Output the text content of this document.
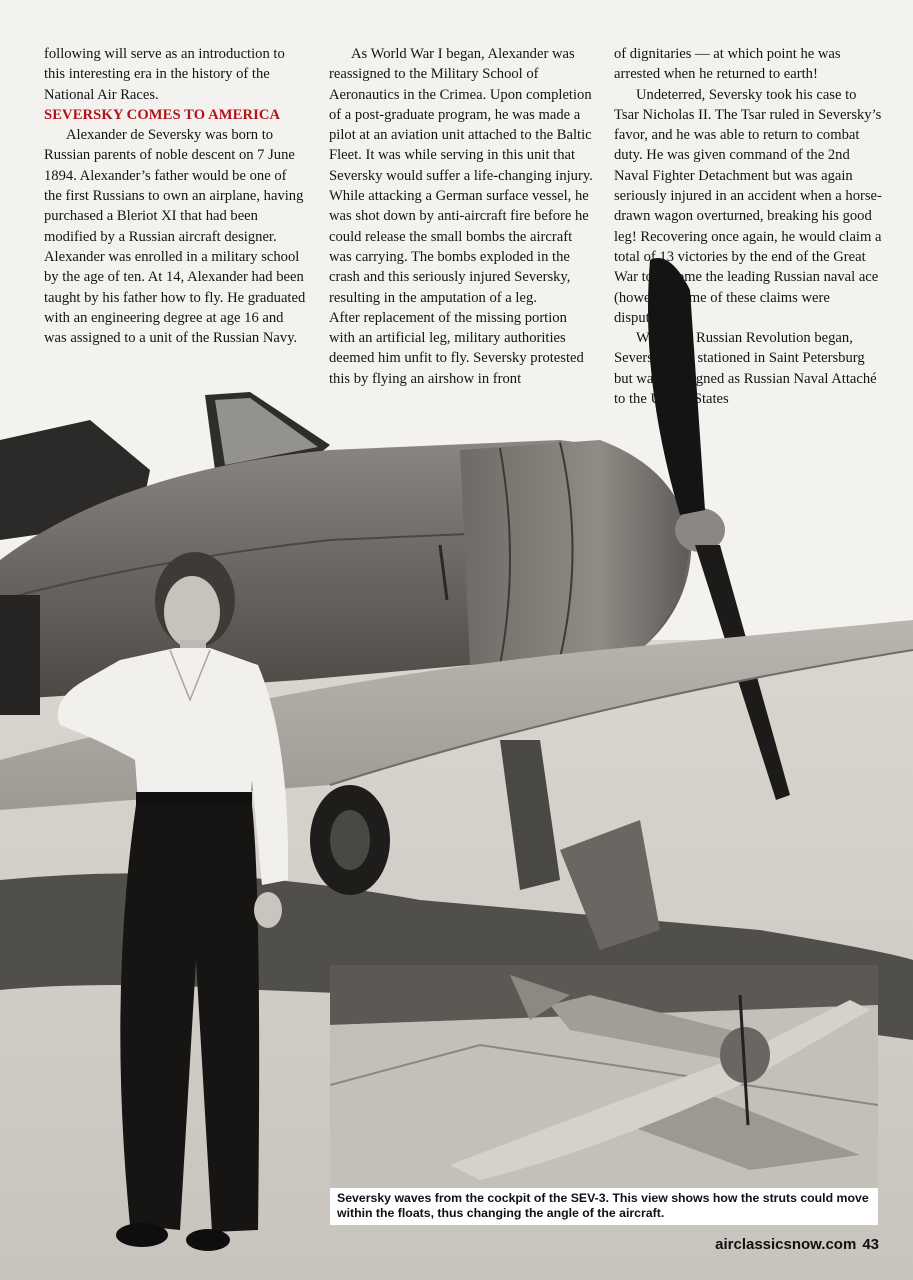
following will serve as an introduction to this interesting era in the history of the National Air Races.

SEVERSKY COMES TO AMERICA

Alexander de Seversky was born to Russian parents of noble descent on 7 June 1894. Alexander’s father would be one of the first Russians to own an airplane, having purchased a Bleriot XI that had been modified by a Russian aircraft designer. Alexander was enrolled in a military school by the age of ten. At 14, Alexander had been taught by his father how to fly. He graduated with an engineering degree at age 16 and was assigned to a unit of the Russian Navy.

As World War I began, Alexander was reassigned to the Military School of Aeronautics in the Crimea. Upon completion of a post-graduate program, he was made a pilot at an aviation unit attached to the Baltic Fleet. It was while serving in this unit that Seversky would suffer a life-changing injury. While attacking a German surface vessel, he was shot down by anti-aircraft fire before he could release the small bombs the aircraft was carrying. The bombs exploded in the crash and this seriously injured Seversky, resulting in the amputation of a leg.

After replacement of the missing portion with an artificial leg, military authorities deemed him unfit to fly. Seversky protested this by flying an airshow in front

of dignitaries — at which point he was arrested when he returned to earth!

Undeterred, Seversky took his case to Tsar Nicholas II. The Tsar ruled in Seversky’s favor, and he was able to return to combat duty. He was given command of the 2nd Naval Fighter Detachment but was again seriously injured in an accident when a horse-drawn wagon overturned, breaking his good leg! Recovering once again, he would claim a total of 13 victories by the end of the Great War to become the leading Russian naval ace (however, some of these claims were disputed).

When the Russian Revolution began, Seversky was stationed in Saint Petersburg but was reassigned as Russian Naval Attaché to the United States

Seversky waves from the cockpit of the SEV-3. This view shows how the struts could move within the floats, thus changing the angle of the aircraft.
airclassicsnow.com 43
